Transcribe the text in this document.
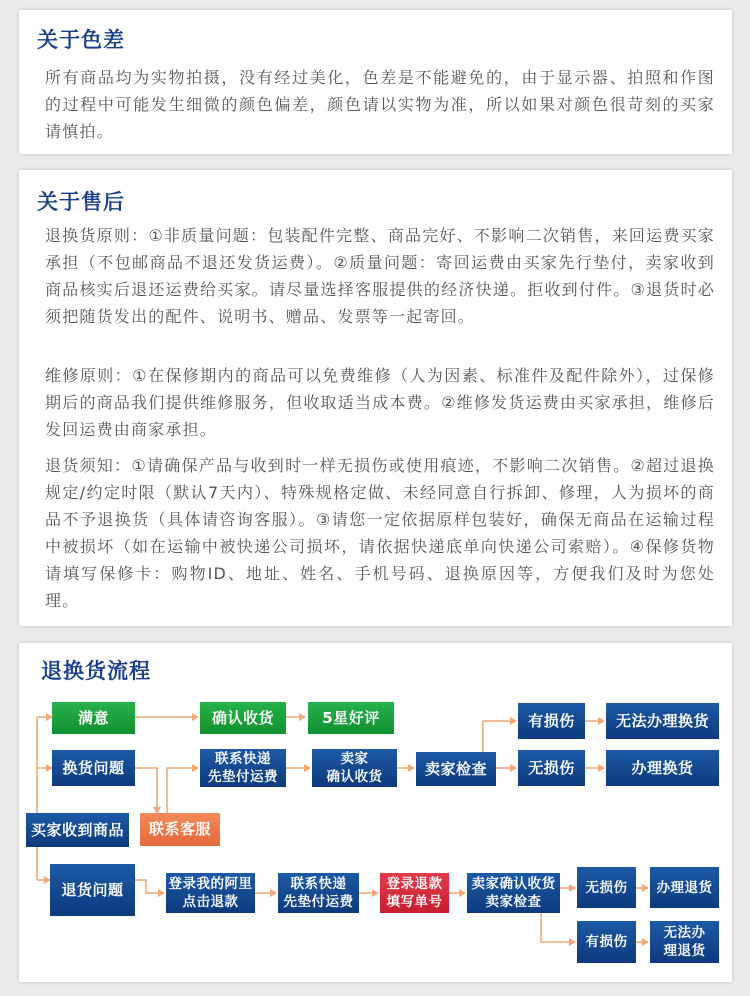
关于色差
所有商品均为实物拍摄，没有经过美化，色差是不能避免的，由于显示器、拍照和作图的过程中可能发生细微的颜色偏差，颜色请以实物为准，所以如果对颜色很苛刻的买家请慎拍。
关于售后
退换货原则：①非质量问题：包装配件完整、商品完好、不影响二次销售，来回运费买家承担（不包邮商品不退还发货运费）。②质量问题：寄回运费由买家先行垫付，卖家收到商品核实后退还运费给买家。请尽量选择客服提供的经济快递。拒收到付件。③退货时必须把随货发出的配件、说明书、赠品、发票等一起寄回。
维修原则：①在保修期内的商品可以免费维修（人为因素、标准件及配件除外），过保修期后的商品我们提供维修服务，但收取适当成本费。②维修发货运费由买家承担，维修后发回运费由商家承担。
退货须知：①请确保产品与收到时一样无损伤或使用痕迹，不影响二次销售。②超过退换规定/约定时限（默认7天内）、特殊规格定做、未经同意自行拆卸、修理，人为损坏的商品不予退换货（具体请咨询客服）。③请您一定依据原样包装好，确保无商品在运输过程中被损坏（如在运输中被快递公司损坏，请依据快递底单向快递公司索赔）。④保修货物请填写保修卡：购物ID、地址、姓名、手机号码、退换原因等，方便我们及时为您处理。
退换货流程
买家收到商品
满意	确认收货	5星好评
换货问题
联系客服
联系快递
先垫付运费
卖家
确认收货	卖家检查
有损伤	无法办理换货
无损伤	办理换货
退货问题	登录我的阿里
点击退款
联系快递
先垫付运费
登录退款
填写单号
卖家确认收货
卖家检查
无损伤	办理退货
有损伤
无法办
理退货
